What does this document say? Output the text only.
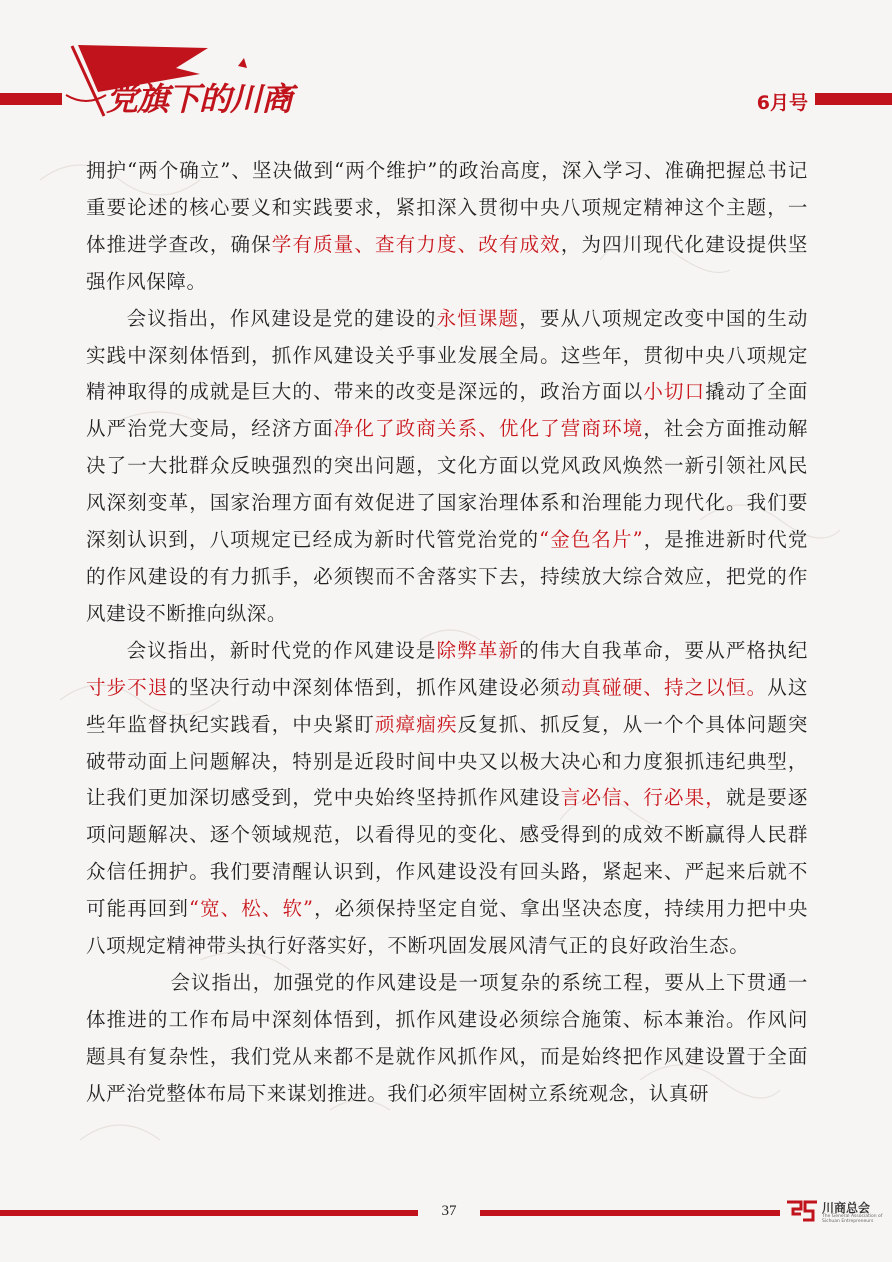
党旗下的川商	6月号

拥护“两个确立”、坚决做到“两个维护”的政治高度，深入学习、准确把握总书记重要论述的核心要义和实践要求，紧扣深入贯彻中央八项规定精神这个主题，一体推进学查改，确保学有质量、查有力度、改有成效，为四川现代化建设提供坚强作风保障。

会议指出，作风建设是党的建设的永恒课题，要从八项规定改变中国的生动实践中深刻体悟到，抓作风建设关乎事业发展全局。这些年，贯彻中央八项规定精神取得的成就是巨大的、带来的改变是深远的，政治方面以小切口撬动了全面从严治党大变局，经济方面净化了政商关系、优化了营商环境，社会方面推动解决了一大批群众反映强烈的突出问题，文化方面以党风政风焕然一新引领社风民风深刻变革，国家治理方面有效促进了国家治理体系和治理能力现代化。我们要深刻认识到，八项规定已经成为新时代管党治党的“金色名片”，是推进新时代党的作风建设的有力抓手，必须锲而不舍落实下去，持续放大综合效应，把党的作风建设不断推向纵深。

会议指出，新时代党的作风建设是除弊革新的伟大自我革命，要从严格执纪寸步不退的坚决行动中深刻体悟到，抓作风建设必须动真碰硬、持之以恒。从这些年监督执纪实践看，中央紧盯顽瘴痼疾反复抓、抓反复，从一个个具体问题突破带动面上问题解决，特别是近段时间中央又以极大决心和力度狠抓违纪典型，让我们更加深切感受到，党中央始终坚持抓作风建设言必信、行必果，就是要逐项问题解决、逐个领域规范，以看得见的变化、感受得到的成效不断赢得人民群众信任拥护。我们要清醒认识到，作风建设没有回头路，紧起来、严起来后就不可能再回到“宽、松、软”，必须保持坚定自觉、拿出坚决态度，持续用力把中央八项规定精神带头执行好落实好，不断巩固发展风清气正的良好政治生态。

会议指出，加强党的作风建设是一项复杂的系统工程，要从上下贯通一体推进的工作布局中深刻体悟到，抓作风建设必须综合施策、标本兼治。作风问题具有复杂性，我们党从来都不是就作风抓作风，而是始终把作风建设置于全面从严治党整体布局下来谋划推进。我们必须牢固树立系统观念，认真研

37	川商总会
The General Association of Sichuan Entrepreneurs
